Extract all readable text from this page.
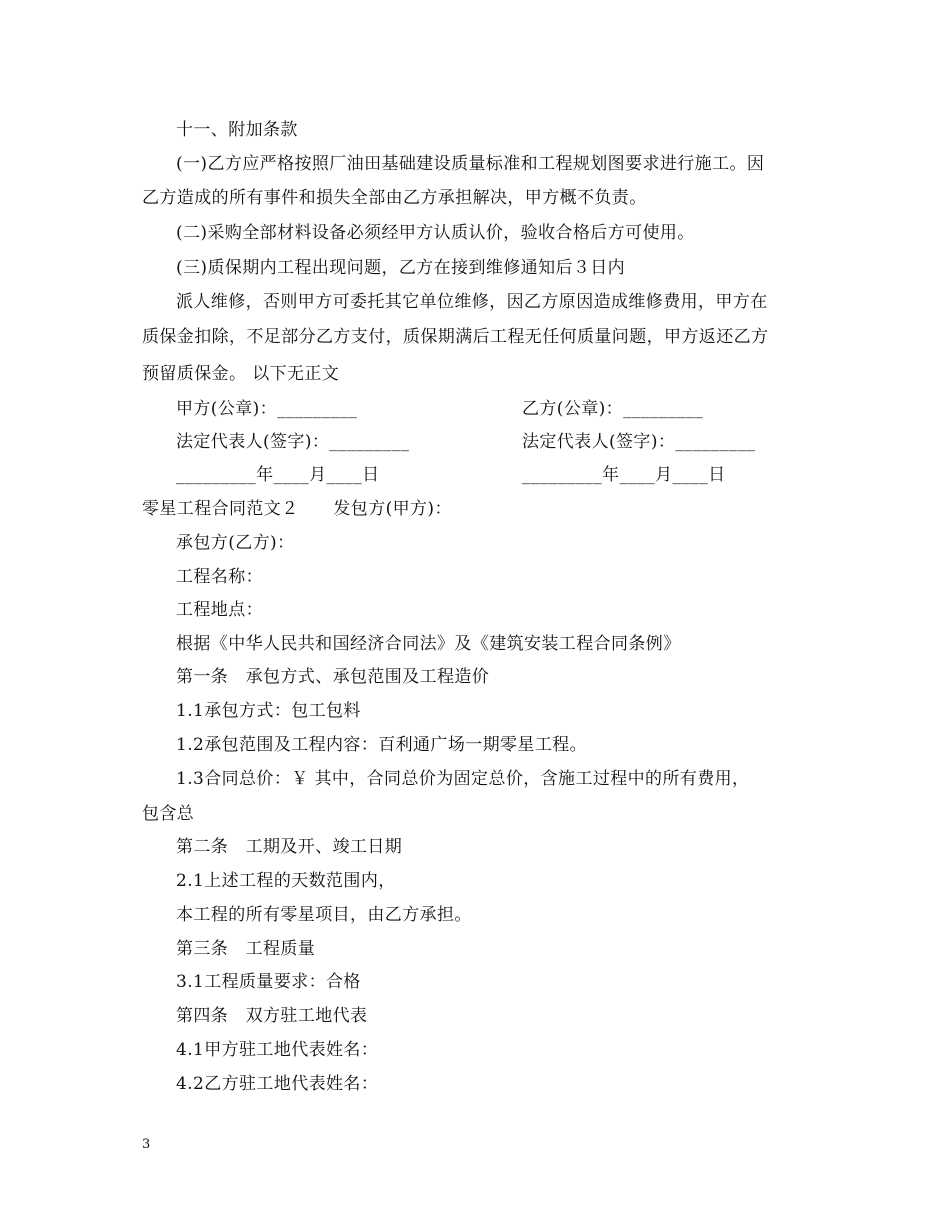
十一、附加条款
(一)乙方应严格按照厂油田基础建设质量标准和工程规划图要求进行施工。因
乙方造成的所有事件和损失全部由乙方承担解决，甲方概不负责。
(二)采购全部材料设备必须经甲方认质认价，验收合格后方可使用。
(三)质保期内工程出现问题，乙方在接到维修通知后３日内
派人维修，否则甲方可委托其它单位维修，因乙方原因造成维修费用，甲方在
质保金扣除，不足部分乙方支付，质保期满后工程无任何质量问题，甲方返还乙方
预留质保金。 以下无正文
甲方(公章)：_________	乙方(公章)：_________
法定代表人(签字)：_________	法定代表人(签字)：_________
_________年____月____日	_________年____月____日
零星工程合同范文２　　发包方(甲方)：
承包方(乙方)：
工程名称：
工程地点：
根据《中华人民共和国经济合同法》及《建筑安装工程合同条例》
第一条　承包方式、承包范围及工程造价
1.1承包方式：包工包料
1.2承包范围及工程内容：百利通广场一期零星工程。
1.3合同总价：￥ 其中，合同总价为固定总价，含施工过程中的所有费用，
包含总
第二条　工期及开、竣工日期
2.1上述工程的天数范围内，
本工程的所有零星项目，由乙方承担。
第三条　工程质量
3.1工程质量要求：合格
第四条　双方驻工地代表
4.1甲方驻工地代表姓名：
4.2乙方驻工地代表姓名：
3
